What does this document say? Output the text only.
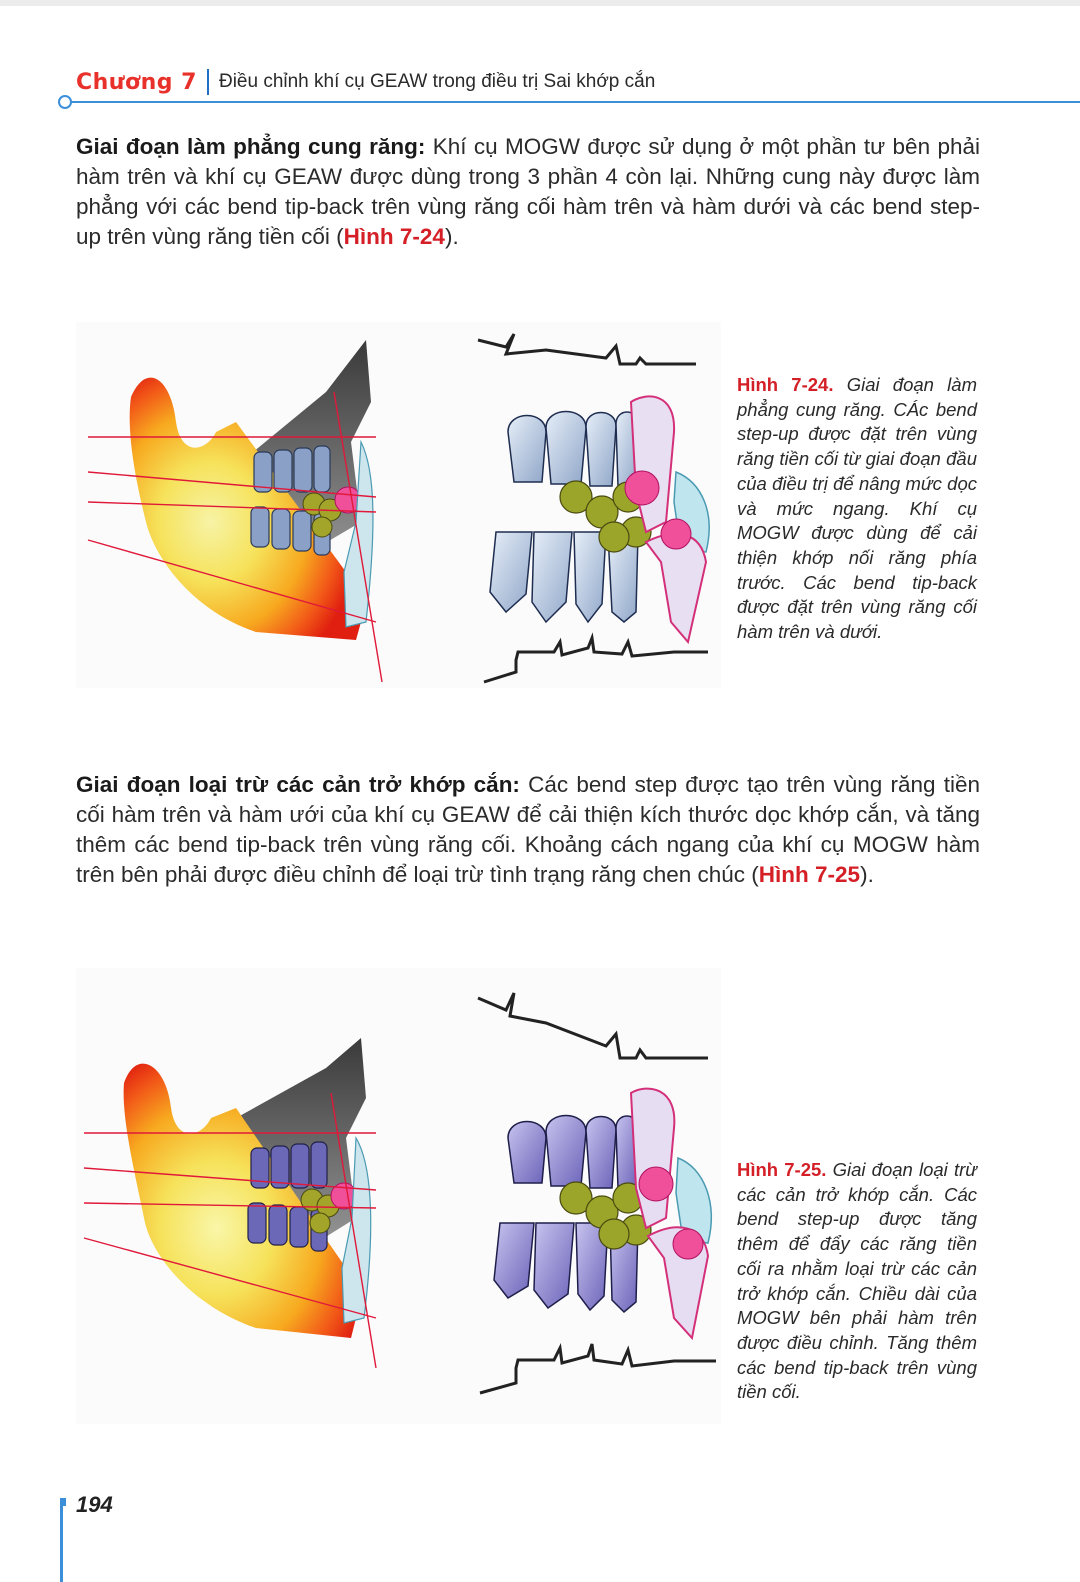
Chương 7 Điều chỉnh khí cụ GEAW trong điều trị Sai khớp cắn
Giai đoạn làm phẳng cung răng: Khí cụ MOGW được sử dụng ở một phần tư bên phải hàm trên và khí cụ GEAW được dùng trong 3 phần 4 còn lại. Những cung này được làm phẳng với các bend tip-back trên vùng răng cối hàm trên và hàm dưới và các bend step-up trên vùng răng tiền cối (Hình 7-24).
Hình 7-24. Giai đoạn làm phẳng cung răng. CÁc bend step-up được đặt trên vùng răng tiền cối từ giai đoạn đầu của điều trị để nâng mức dọc và mức ngang. Khí cụ MOGW được dùng để cải thiện khớp nối răng phía trước. Các bend tip-back được đặt trên vùng răng cối hàm trên và dưới.
Giai đoạn loại trừ các cản trở khớp cắn: Các bend step được tạo trên vùng răng tiền cối hàm trên và hàm ưới của khí cụ GEAW để cải thiện kích thước dọc khớp cắn, và tăng thêm các bend tip-back trên vùng răng cối. Khoảng cách ngang của khí cụ MOGW hàm trên bên phải được điều chỉnh để loại trừ tình trạng răng chen chúc (Hình 7-25).
Hình 7-25. Giai đoạn loại trừ các cản trở khớp cắn. Các bend step-up được tăng thêm để đẩy các răng tiền cối ra nhằm loại trừ các cản trở khớp cắn. Chiều dài của MOGW bên phải hàm trên được điều chỉnh. Tăng thêm các bend tip-back trên vùng tiền cối.
194
